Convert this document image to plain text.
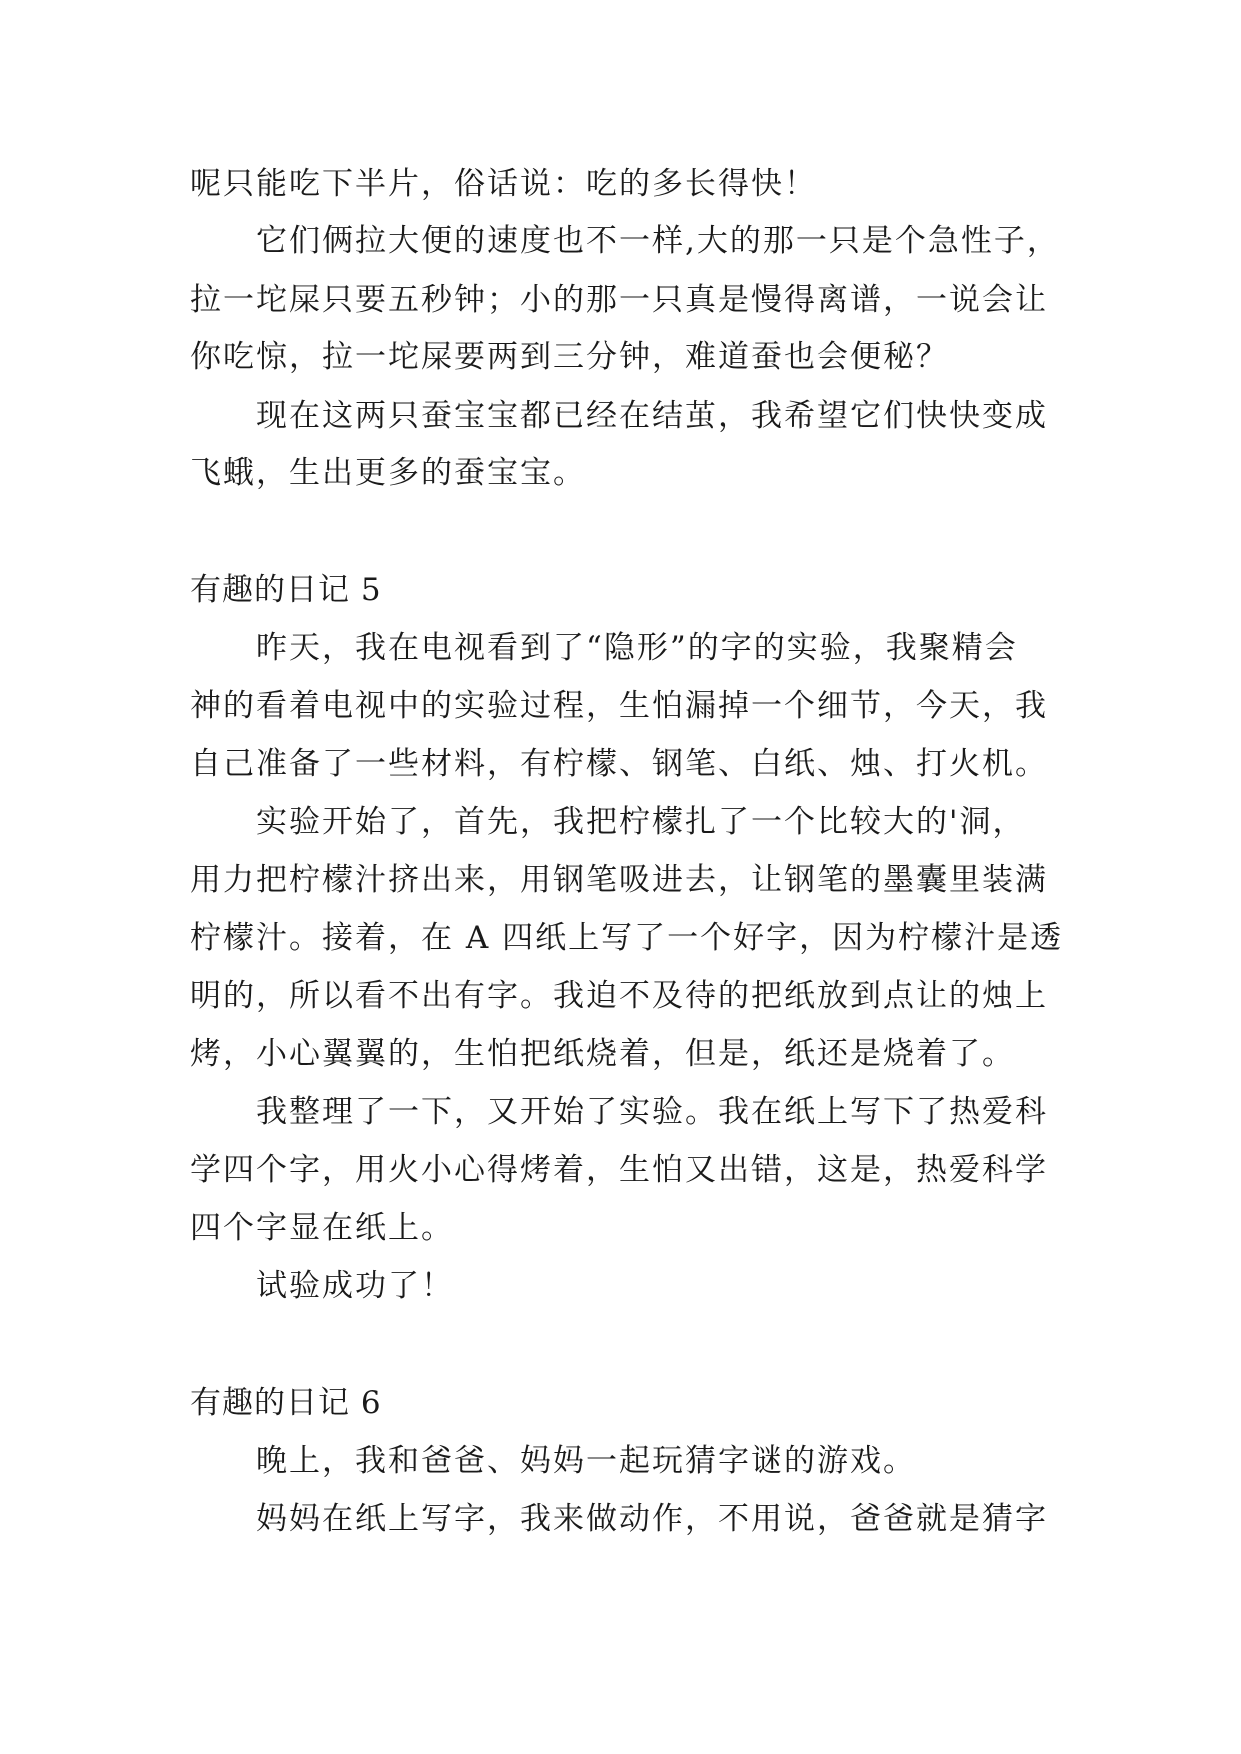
呢只能吃下半片，俗话说：吃的多长得快！
它们俩拉大便的速度也不一样,大的那一只是个急性子，
拉一坨屎只要五秒钟；小的那一只真是慢得离谱，一说会让
你吃惊，拉一坨屎要两到三分钟，难道蚕也会便秘？
现在这两只蚕宝宝都已经在结茧，我希望它们快快变成
飞蛾，生出更多的蚕宝宝。
有趣的日记 5
昨天，我在电视看到了“隐形”的字的实验，我聚精会
神的看着电视中的实验过程，生怕漏掉一个细节，今天，我
自己准备了一些材料，有柠檬、钢笔、白纸、烛、打火机。
实验开始了，首先，我把柠檬扎了一个比较大的'洞，
用力把柠檬汁挤出来，用钢笔吸进去，让钢笔的墨囊里装满
柠檬汁。接着，在 A 四纸上写了一个好字，因为柠檬汁是透
明的，所以看不出有字。我迫不及待的把纸放到点让的烛上
烤，小心翼翼的，生怕把纸烧着，但是，纸还是烧着了。
我整理了一下，又开始了实验。我在纸上写下了热爱科
学四个字，用火小心得烤着，生怕又出错，这是，热爱科学
四个字显在纸上。
试验成功了！
有趣的日记 6
晚上，我和爸爸、妈妈一起玩猜字谜的游戏。
妈妈在纸上写字，我来做动作，不用说，爸爸就是猜字
